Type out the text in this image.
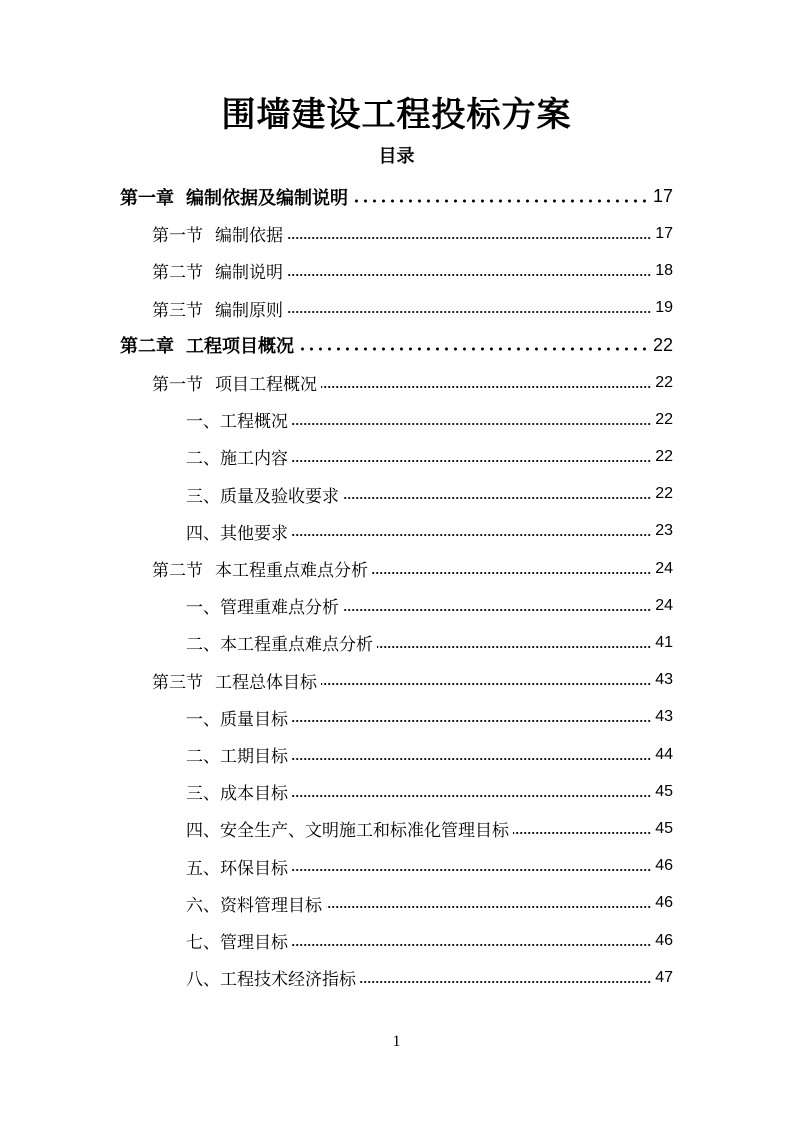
围墙建设工程投标方案
目录
第一章 编制依据及编制说明	17
第一节 编制依据	17
第二节 编制说明	18
第三节 编制原则	19
第二章 工程项目概况	22
第一节 项目工程概况	22
一、工程概况	22
二、施工内容	22
三、质量及验收要求	22
四、其他要求	23
第二节 本工程重点难点分析	24
一、管理重难点分析	24
二、本工程重点难点分析	41
第三节 工程总体目标	43
一、质量目标	43
二、工期目标	44
三、成本目标	45
四、安全生产、文明施工和标准化管理目标	45
五、环保目标	46
六、资料管理目标	46
七、管理目标	46
八、工程技术经济指标	47
1
